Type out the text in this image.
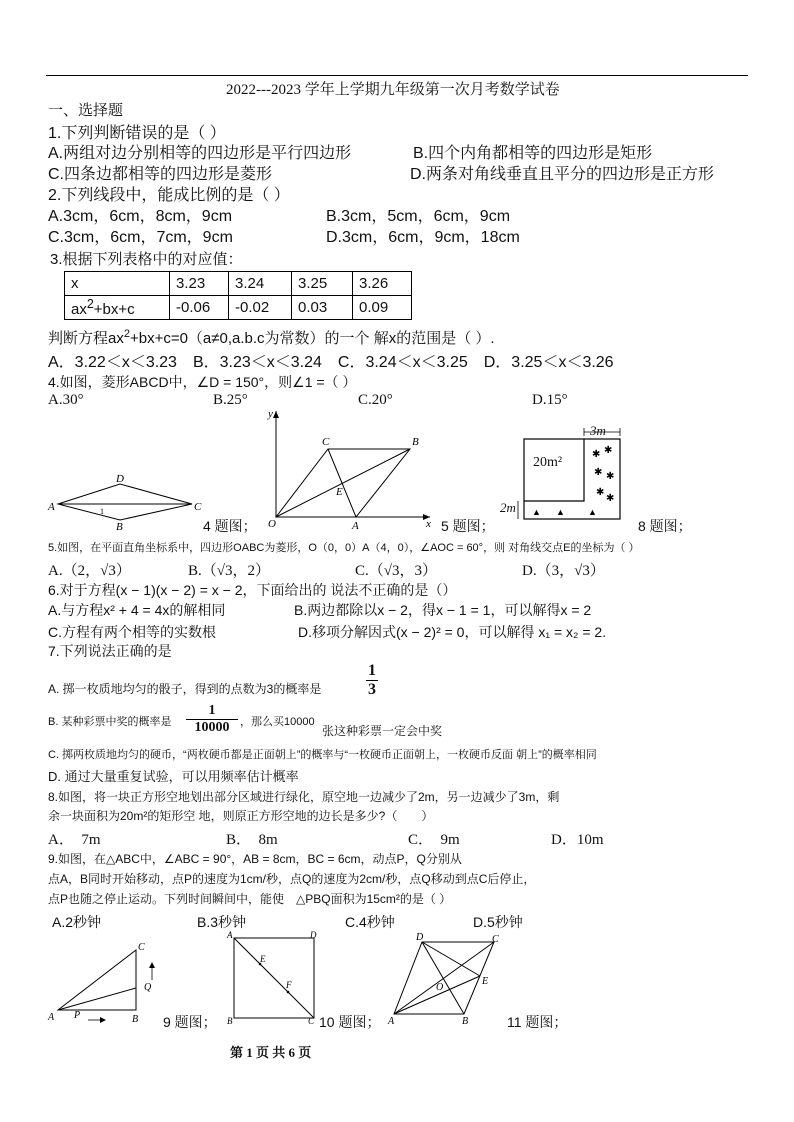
2022---2023 学年上学期九年级第一次月考数学试卷
一、选择题
1.下列判断错误的是（ ）
A.两组对边分别相等的四边形是平行四边形	B.四个内角都相等的四边形是矩形
C.四条边都相等的四边形是菱形	D.两条对角线垂直且平分的四边形是正方形
2.下列线段中，能成比例的是（ ）
A.3cm，6cm，8cm，9cm	B.3cm，5cm，6cm，9cm
C.3cm，6cm，7cm，9cm	D.3cm，6cm，9cm，18cm
3.根据下列表格中的对应值：
x	3.23	3.24	3.25	3.26
$ax^2+bx+c$	-0.06	-0.02	0.03	0.09
判断方程$ax^2+bx+c=0(a\ne 0,a.b.c$为常数）的一个 解x的范围是（ ）.
A．3.22＜x＜3.23　B．3.23＜x＜3.24　C．3.24＜x＜3.25　D．3.25＜x＜3.26
4.如图，菱形ABCD中，∠D = 150°，则∠1 =（ ）
A.30°	B.25°	C.20°	D.15°
A
D
C
B
1
4 题图；
y
C	B
E
O	A	x 5 题图；
▲
▲
▲
✱ ✱
✱ ✱
✱
✱
20m²
3m
2m
8 题图；
5.如图，在平面直角坐标系中，四边形OABC为菱形，O（0，0）A（4，0），∠AOC = 60°，则 对角线交点E的坐标为（ ）
A.（2，√3）	B.（√3，2）	C.（√3，3）	D.（3，√3）
6.对于方程(x − 1)(x − 2) = x − 2，下面给出的 说法不正确的是（）
A.与方程x² + 4 = 4x的解相同	B.两边都除以x − 2，得x − 1 = 1，可以解得x = 2
C.方程有两个相等的实数根	D.移项分解因式(x − 2)² = 0，可以解得 x₁ = x₂ = 2.
7.下列说法正确的是
A. 掷一枚质地均匀的骰子，得到的点数为3的概率是
1
3
B. 某种彩票中奖的概率是
1
10000 ，那么买10000
张这种彩票一定会中奖
C. 掷两枚质地均匀的硬币，“两枚硬币都是正面朝上”的概率与“一枚硬币正面朝上，一枚硬币反面 朝上”的概率相同
D. 通过大量重复试验，可以用频率估计概率
8.如图，将一块正方形空地划出部分区域进行绿化，原空地一边减少了2m，另一边减少了3m，剩
余一块面积为20m²的矩形空 地，则原正方形空地的边长是多少?（　　）
A．　7m	B．　8m	C．　9m	D．10m
9.如图，在△ABC中，∠ABC = 90°，AB = 8cm，BC = 6cm，动点P，Q分别从
点A，B同时开始移动，点P的速度为1cm/秒，点Q的速度为2cm/秒，点Q移动到点C后停止，
点P也随之停止运动。下列时间瞬间中，能使　△PBQ面积为15cm²的是（ ）
A.2秒钟	B.3秒钟	C.4秒钟	D.5秒钟
A P	B
C
Q
9 题图；
A	D
B	C
E
F
10 题图； A
D	C
B
E
O
11 题图；
第 1 页 共 6 页
